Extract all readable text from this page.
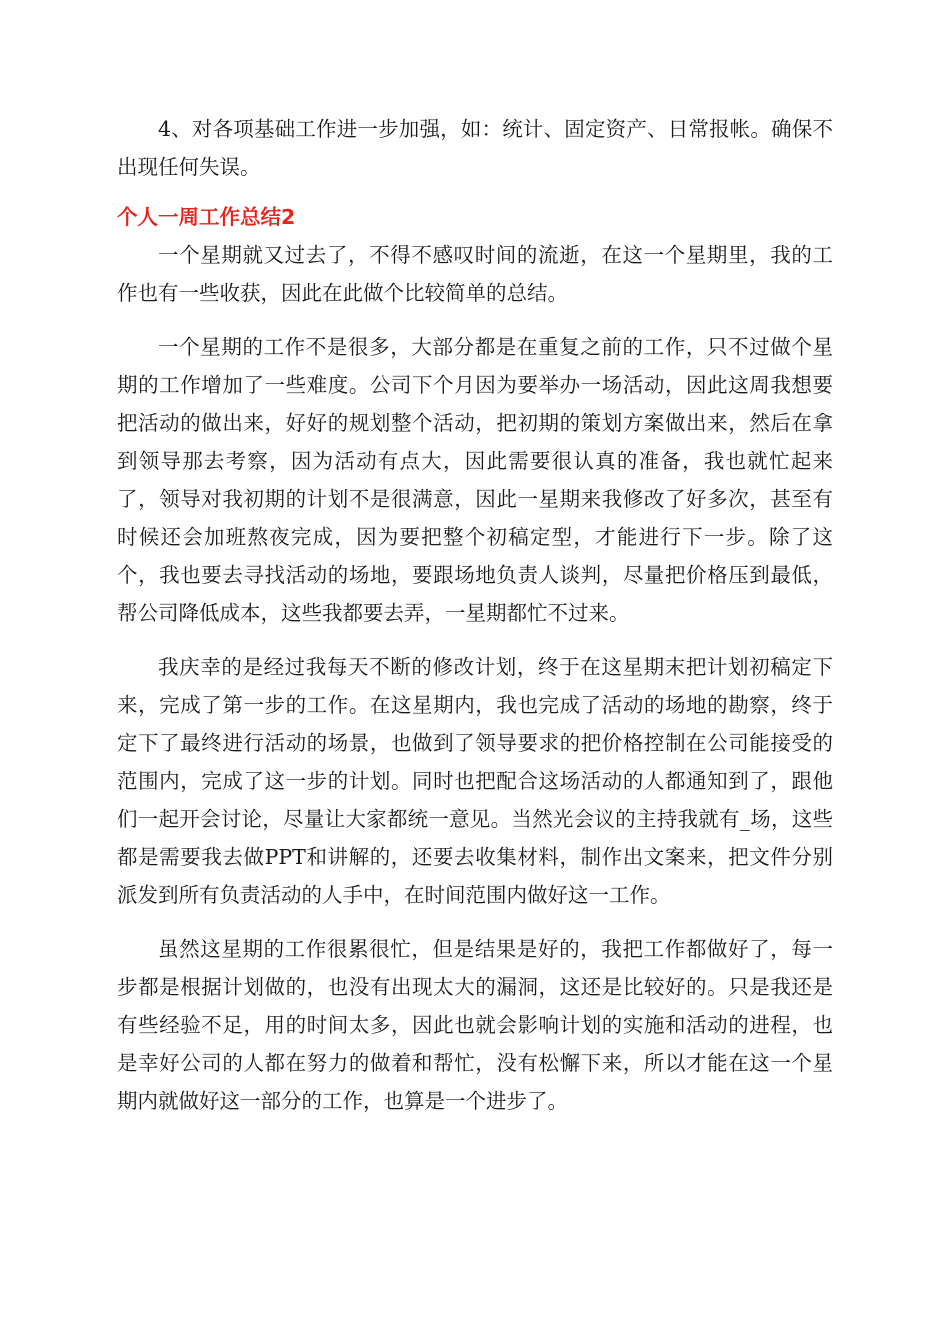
4、对各项基础工作进一步加强，如：统计、固定资产、日常报帐。确保不出现任何失误。

个人一周工作总结2

一个星期就又过去了，不得不感叹时间的流逝，在这一个星期里，我的工作也有一些收获，因此在此做个比较简单的总结。

一个星期的工作不是很多，大部分都是在重复之前的工作，只不过做个星期的工作增加了一些难度。公司下个月因为要举办一场活动，因此这周我想要把活动的做出来，好好的规划整个活动，把初期的策划方案做出来，然后在拿到领导那去考察，因为活动有点大，因此需要很认真的准备，我也就忙起来了，领导对我初期的计划不是很满意，因此一星期来我修改了好多次，甚至有时候还会加班熬夜完成，因为要把整个初稿定型，才能进行下一步。除了这个，我也要去寻找活动的场地，要跟场地负责人谈判，尽量把价格压到最低，帮公司降低成本，这些我都要去弄，一星期都忙不过来。

我庆幸的是经过我每天不断的修改计划，终于在这星期末把计划初稿定下来，完成了第一步的工作。在这星期内，我也完成了活动的场地的勘察，终于定下了最终进行活动的场景，也做到了领导要求的把价格控制在公司能接受的范围内，完成了这一步的计划。同时也把配合这场活动的人都通知到了，跟他们一起开会讨论，尽量让大家都统一意见。当然光会议的主持我就有_场，这些都是需要我去做PPT和讲解的，还要去收集材料，制作出文案来，把文件分别派发到所有负责活动的人手中，在时间范围内做好这一工作。

虽然这星期的工作很累很忙，但是结果是好的，我把工作都做好了，每一步都是根据计划做的，也没有出现太大的漏洞，这还是比较好的。只是我还是有些经验不足，用的时间太多，因此也就会影响计划的实施和活动的进程，也是幸好公司的人都在努力的做着和帮忙，没有松懈下来，所以才能在这一个星期内就做好这一部分的工作，也算是一个进步了。
